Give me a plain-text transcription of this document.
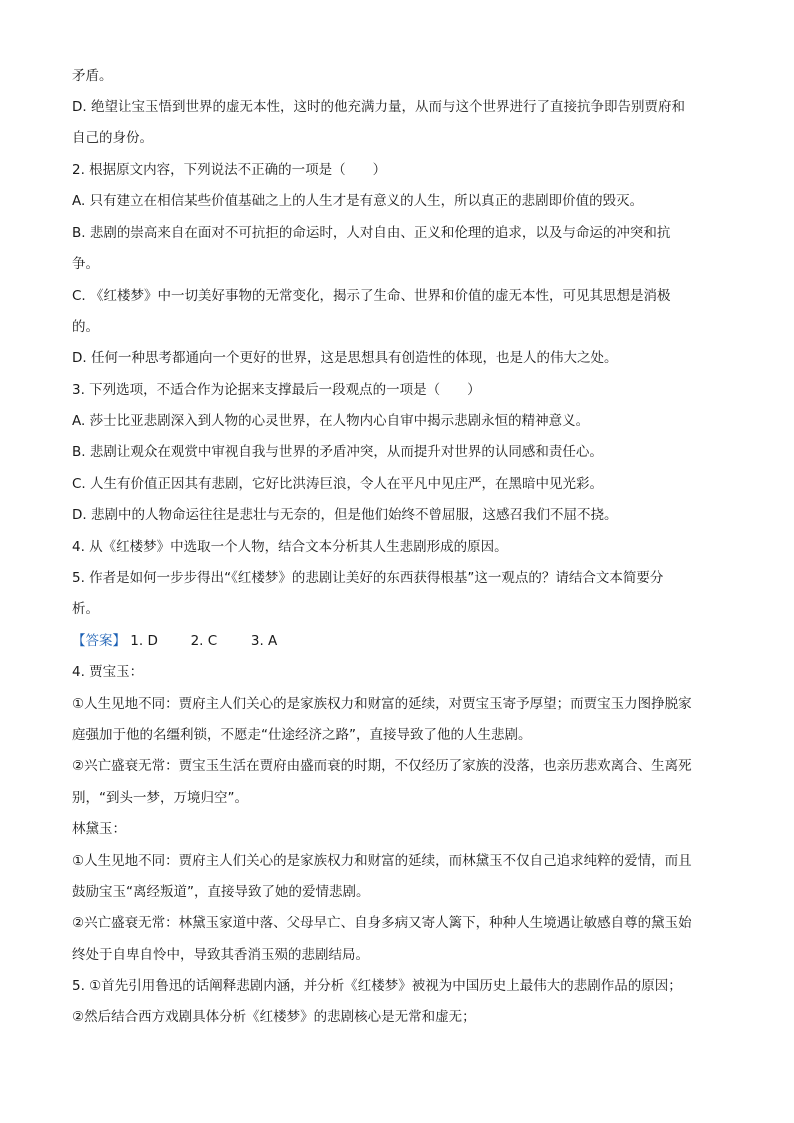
矛盾。
D. 绝望让宝玉悟到世界的虚无本性，这时的他充满力量，从而与这个世界进行了直接抗争即告别贾府和
自己的身份。
2. 根据原文内容，下列说法不正确的一项是（　　）
A. 只有建立在相信某些价值基础之上的人生才是有意义的人生，所以真正的悲剧即价值的毁灭。
B. 悲剧的崇高来自在面对不可抗拒的命运时，人对自由、正义和伦理的追求，以及与命运的冲突和抗
争。
C. 《红楼梦》中一切美好事物的无常变化，揭示了生命、世界和价值的虚无本性，可见其思想是消极
的。
D. 任何一种思考都通向一个更好的世界，这是思想具有创造性的体现，也是人的伟大之处。
3. 下列选项，不适合作为论据来支撑最后一段观点的一项是（　　）
A. 莎士比亚悲剧深入到人物的心灵世界，在人物内心自审中揭示悲剧永恒的精神意义。
B. 悲剧让观众在观赏中审视自我与世界的矛盾冲突，从而提升对世界的认同感和责任心。
C. 人生有价值正因其有悲剧，它好比洪涛巨浪，令人在平凡中见庄严，在黑暗中见光彩。
D. 悲剧中的人物命运往往是悲壮与无奈的，但是他们始终不曾屈服，这感召我们不屈不挠。
4. 从《红楼梦》中选取一个人物，结合文本分析其人生悲剧形成的原因。
5. 作者是如何一步步得出“《红楼梦》的悲剧让美好的东西获得根基”这一观点的？请结合文本简要分
析。
【答案】 1. D 2. C 3. A
4. 贾宝玉：
①人生见地不同：贾府主人们关心的是家族权力和财富的延续，对贾宝玉寄予厚望；而贾宝玉力图挣脱家
庭强加于他的名缰利锁，不愿走“仕途经济之路”，直接导致了他的人生悲剧。
②兴亡盛衰无常：贾宝玉生活在贾府由盛而衰的时期，不仅经历了家族的没落，也亲历悲欢离合、生离死
别，“到头一梦，万境归空”。
林黛玉：
①人生见地不同：贾府主人们关心的是家族权力和财富的延续，而林黛玉不仅自己追求纯粹的爱情，而且
鼓励宝玉“离经叛道”，直接导致了她的爱情悲剧。
②兴亡盛衰无常：林黛玉家道中落、父母早亡、自身多病又寄人篱下，种种人生境遇让敏感自尊的黛玉始
终处于自卑自怜中，导致其香消玉殒的悲剧结局。
5. ①首先引用鲁迅的话阐释悲剧内涵，并分析《红楼梦》被视为中国历史上最伟大的悲剧作品的原因；
②然后结合西方戏剧具体分析《红楼梦》的悲剧核心是无常和虚无；
